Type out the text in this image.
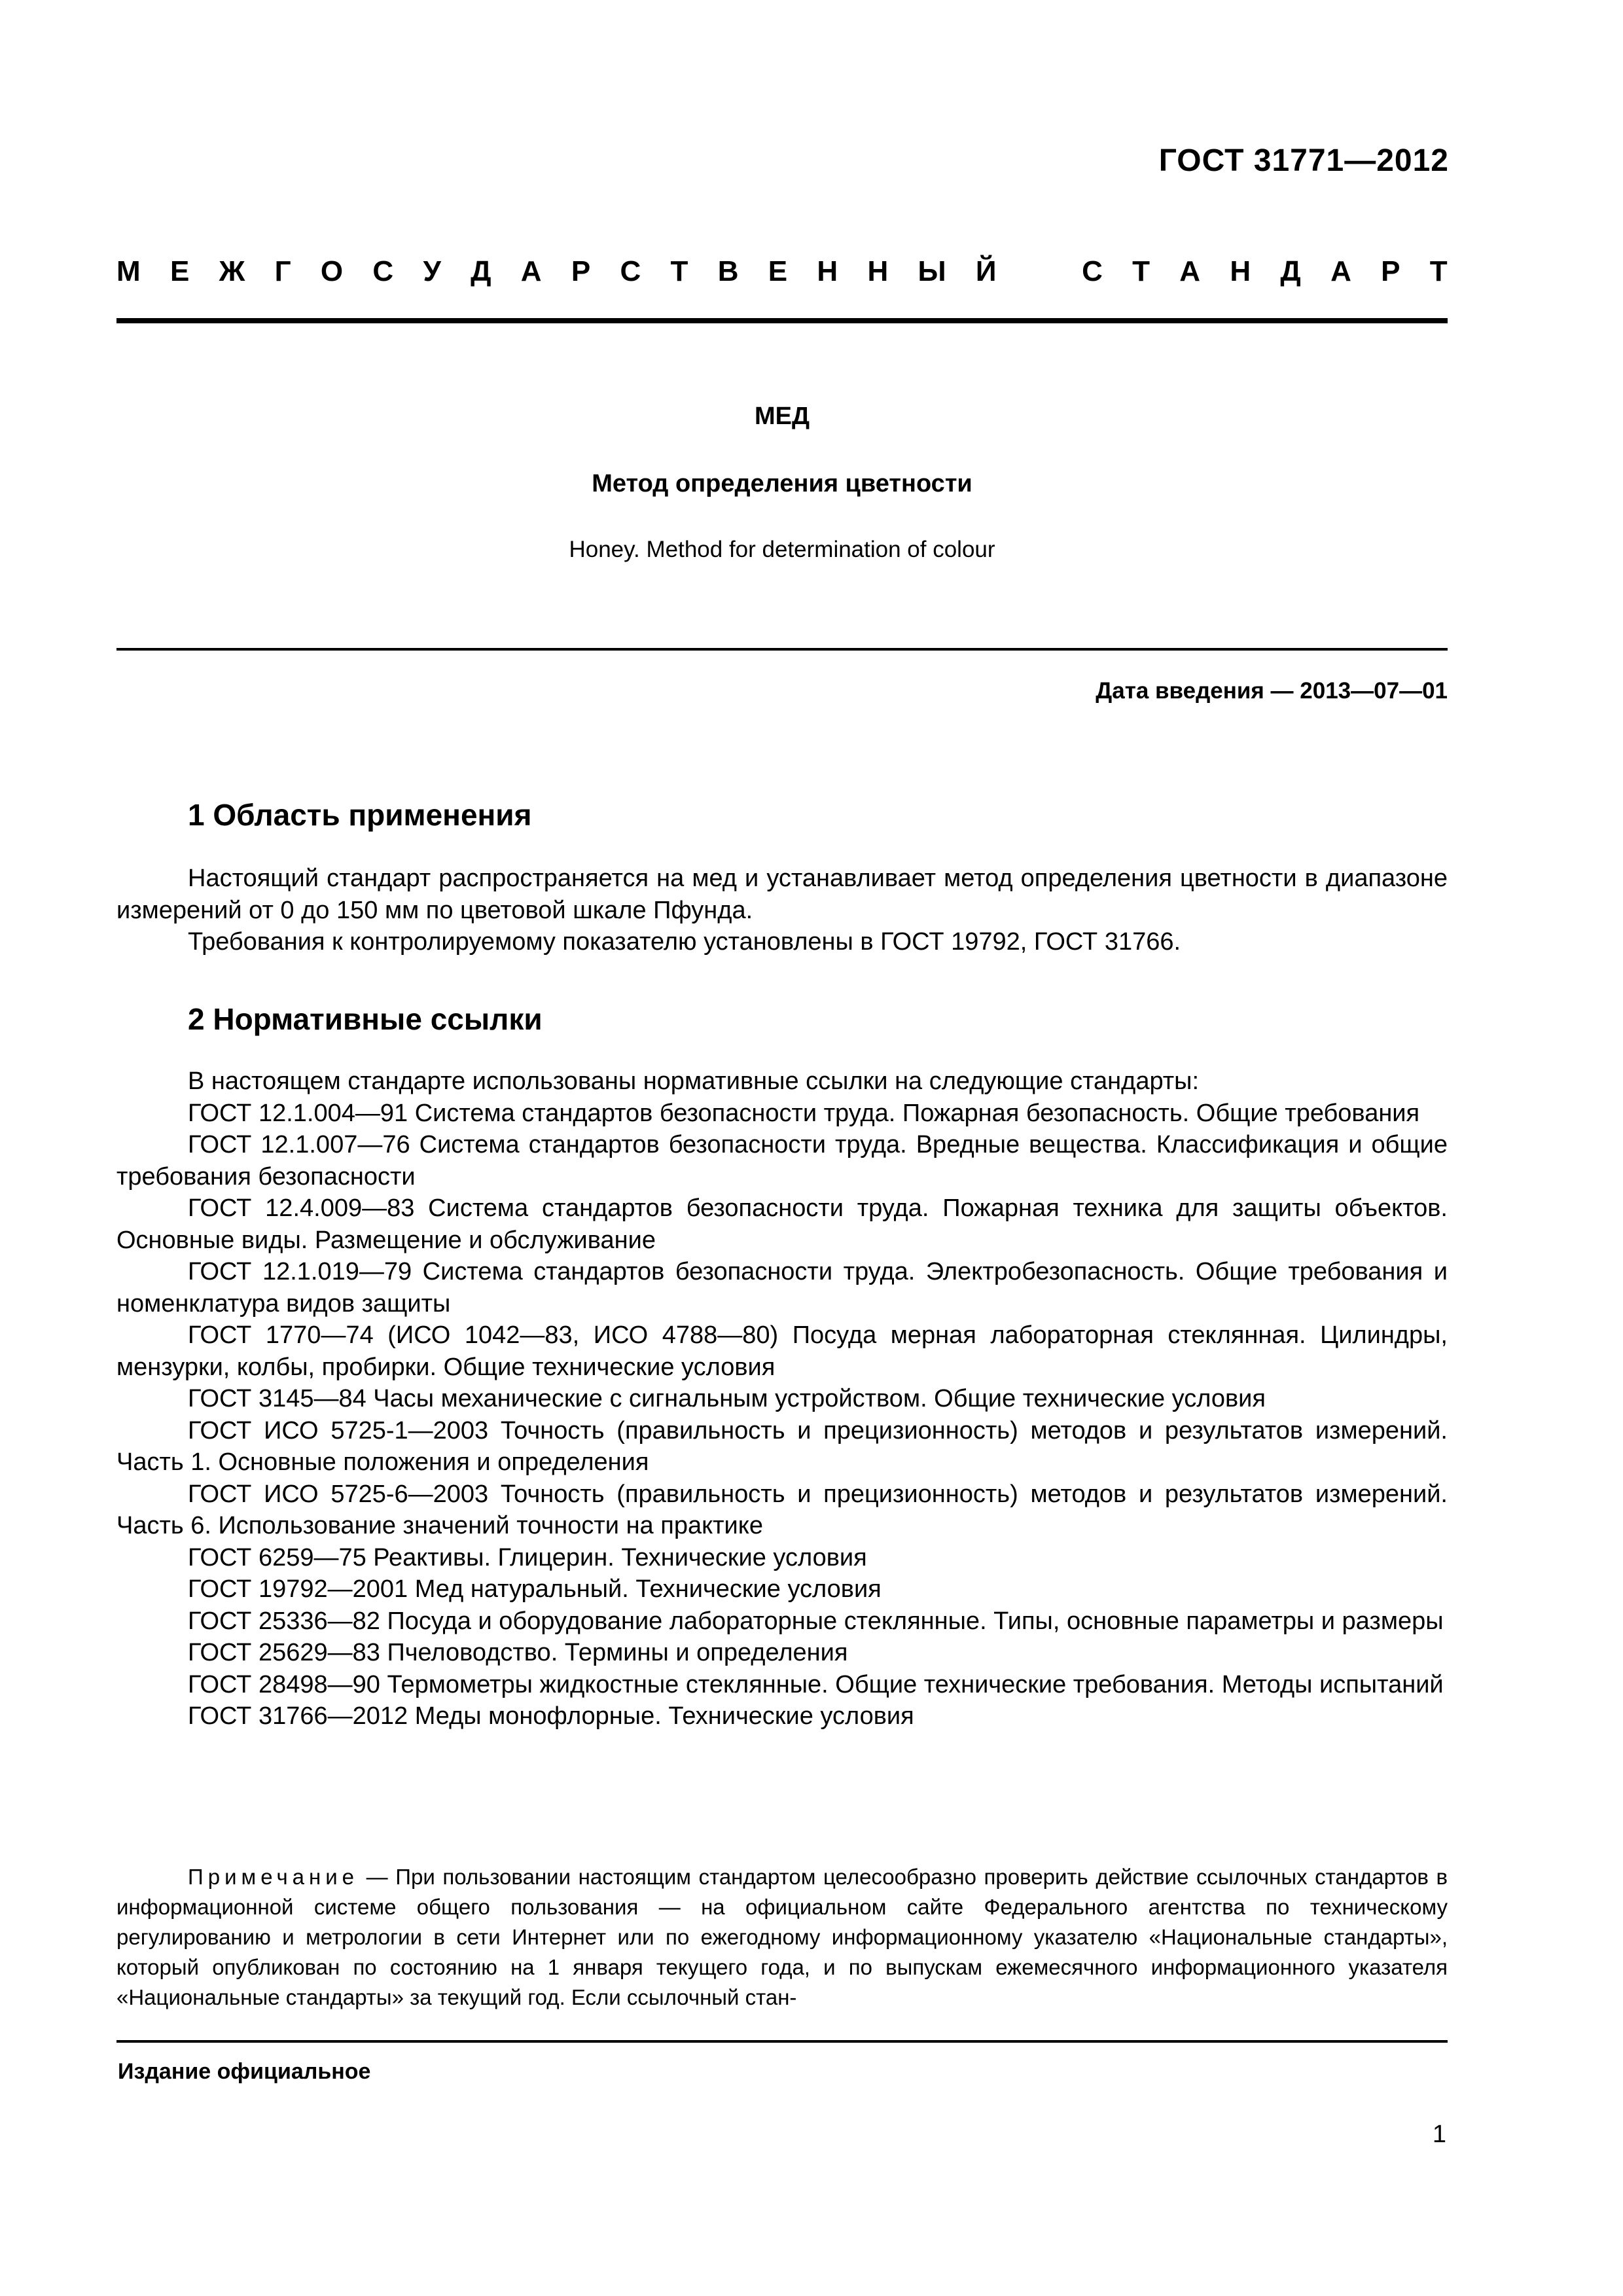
ГОСТ 31771—2012
М Е Ж Г О С У Д А Р С Т В Е Н Н Ы Й
	С Т А Н Д А Р Т
МЕД
Метод определения цветности
Honey. Method for determination of colour
Дата введения — 2013—07—01
1 Область применения

Настоящий стандарт распространяется на мед и устанавливает метод определения цветности в диапазоне измерений от 0 до 150 мм по цветовой шкале Пфунда.

Требования к контролируемому показателю установлены в ГОСТ 19792, ГОСТ 31766.

2 Нормативные ссылки

В настоящем стандарте использованы нормативные ссылки на следующие стандарты:

ГОСТ 12.1.004—91 Система стандартов безопасности труда. Пожарная безопасность. Общие требования

ГОСТ 12.1.007—76 Система стандартов безопасности труда. Вредные вещества. Классификация и общие требования безопасности

ГОСТ 12.4.009—83 Система стандартов безопасности труда. Пожарная техника для защиты объектов. Основные виды. Размещение и обслуживание

ГОСТ 12.1.019—79 Система стандартов безопасности труда. Электробезопасность. Общие требования и номенклатура видов защиты

ГОСТ 1770—74 (ИСО 1042—83, ИСО 4788—80) Посуда мерная лабораторная стеклянная. Цилиндры, мензурки, колбы, пробирки. Общие технические условия

ГОСТ 3145—84 Часы механические с сигнальным устройством. Общие технические условия

ГОСТ ИСО 5725-1—2003 Точность (правильность и прецизионность) методов и результатов измерений. Часть 1. Основные положения и определения

ГОСТ ИСО 5725-6—2003 Точность (правильность и прецизионность) методов и результатов измерений. Часть 6. Использование значений точности на практике

ГОСТ 6259—75 Реактивы. Глицерин. Технические условия

ГОСТ 19792—2001 Мед натуральный. Технические условия

ГОСТ 25336—82 Посуда и оборудование лабораторные стеклянные. Типы, основные параметры и размеры

ГОСТ 25629—83 Пчеловодство. Термины и определения

ГОСТ 28498—90 Термометры жидкостные стеклянные. Общие технические требования. Методы испытаний

ГОСТ 31766—2012 Меды монофлорные. Технические условия

Примечание — При пользовании настоящим стандартом целесообразно проверить действие ссылочных стандартов в информационной системе общего пользования — на официальном сайте Федерального агентства по техническому регулированию и метрологии в сети Интернет или по ежегодному информационному указателю «Национальные стандарты», который опубликован по состоянию на 1 января текущего года, и по выпускам ежемесячного информационного указателя «Национальные стандарты» за текущий год. Если ссылочный стан-

Издание официальное
1
